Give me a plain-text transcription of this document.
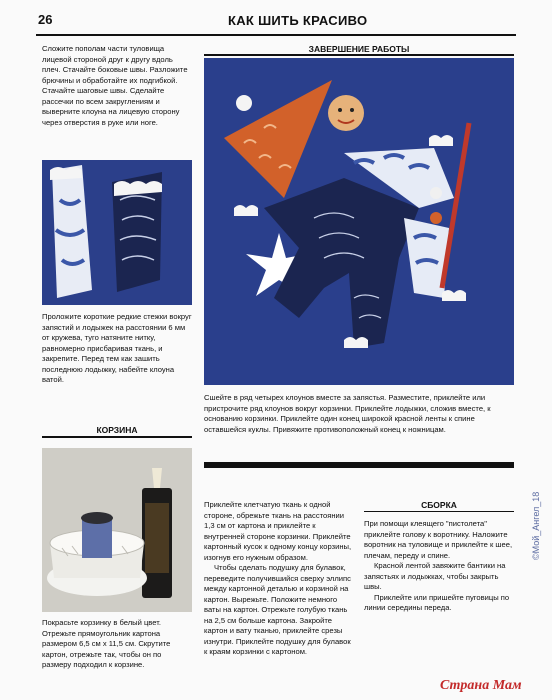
26	КАК ШИТЬ КРАСИВО
Сложите пополам части туловища лицевой стороной друг к другу вдоль плеч. Стачайте боковые швы. Разложите брючины и обработайте их подгибкой. Стачайте шаговые швы. Сделайте рассечки по всем закруглениям и выверните клоуна на лицевую сторону через отверстия в руке или ноге.
Проложите короткие редкие стежки вокруг запястий и лодыжек на расстоянии 6 мм от кружева, туго натяните нитку, равномерно присбаривая ткань, и закрепите. Перед тем как зашить последнюю лодыжку, набейте клоуна ватой.
КОРЗИНА
Покрасьте корзинку в белый цвет. Отрежьте прямоугольник картона размером 6,5 см х 11,5 см. Скрутите картон, отрежьте так, чтобы он по размеру подходил к корзине.
ЗАВЕРШЕНИЕ РАБОТЫ
Сшейте в ряд четырех клоунов вместе за запястья. Разместите, приклейте или пристрочите ряд клоунов вокруг корзинки. Приклейте лодыжки, сложив вместе, к основанию корзинки. Приклейте один конец широкой красной ленты к спине оставшейся куклы. Привяжите противоположный конец к ножницам.

Приклейте клетчатую ткань к одной стороне, обрежьте ткань на расстоянии 1,3 см от картона и приклейте к внутренней стороне корзинки. Приклейте картонный кусок к одному концу корзины, изогнув его нужным образом.

Чтобы сделать подушку для булавок, переведите получившийся сверху эллипс между картонной деталью и корзиной на картон. Вырежьте. Положите немного ваты на картон. Отрежьте голубую ткань на 2,5 см больше картона. Закройте картон и вату тканью, приклейте срезы изнутри. Приклейте подушку для булавок к краям корзинки с картоном.

СБОРКА

При помощи клеящего "пистолета" приклейте голову к воротнику. Наложите воротник на туловище и приклейте к шее, плечам, переду и спине.

Красной лентой завяжите бантики на запястьях и лодыжках, чтобы закрыть швы.

Приклейте или пришейте пуговицы по линии середины переда.

©Мой_Ангел_18
Страна Мам
